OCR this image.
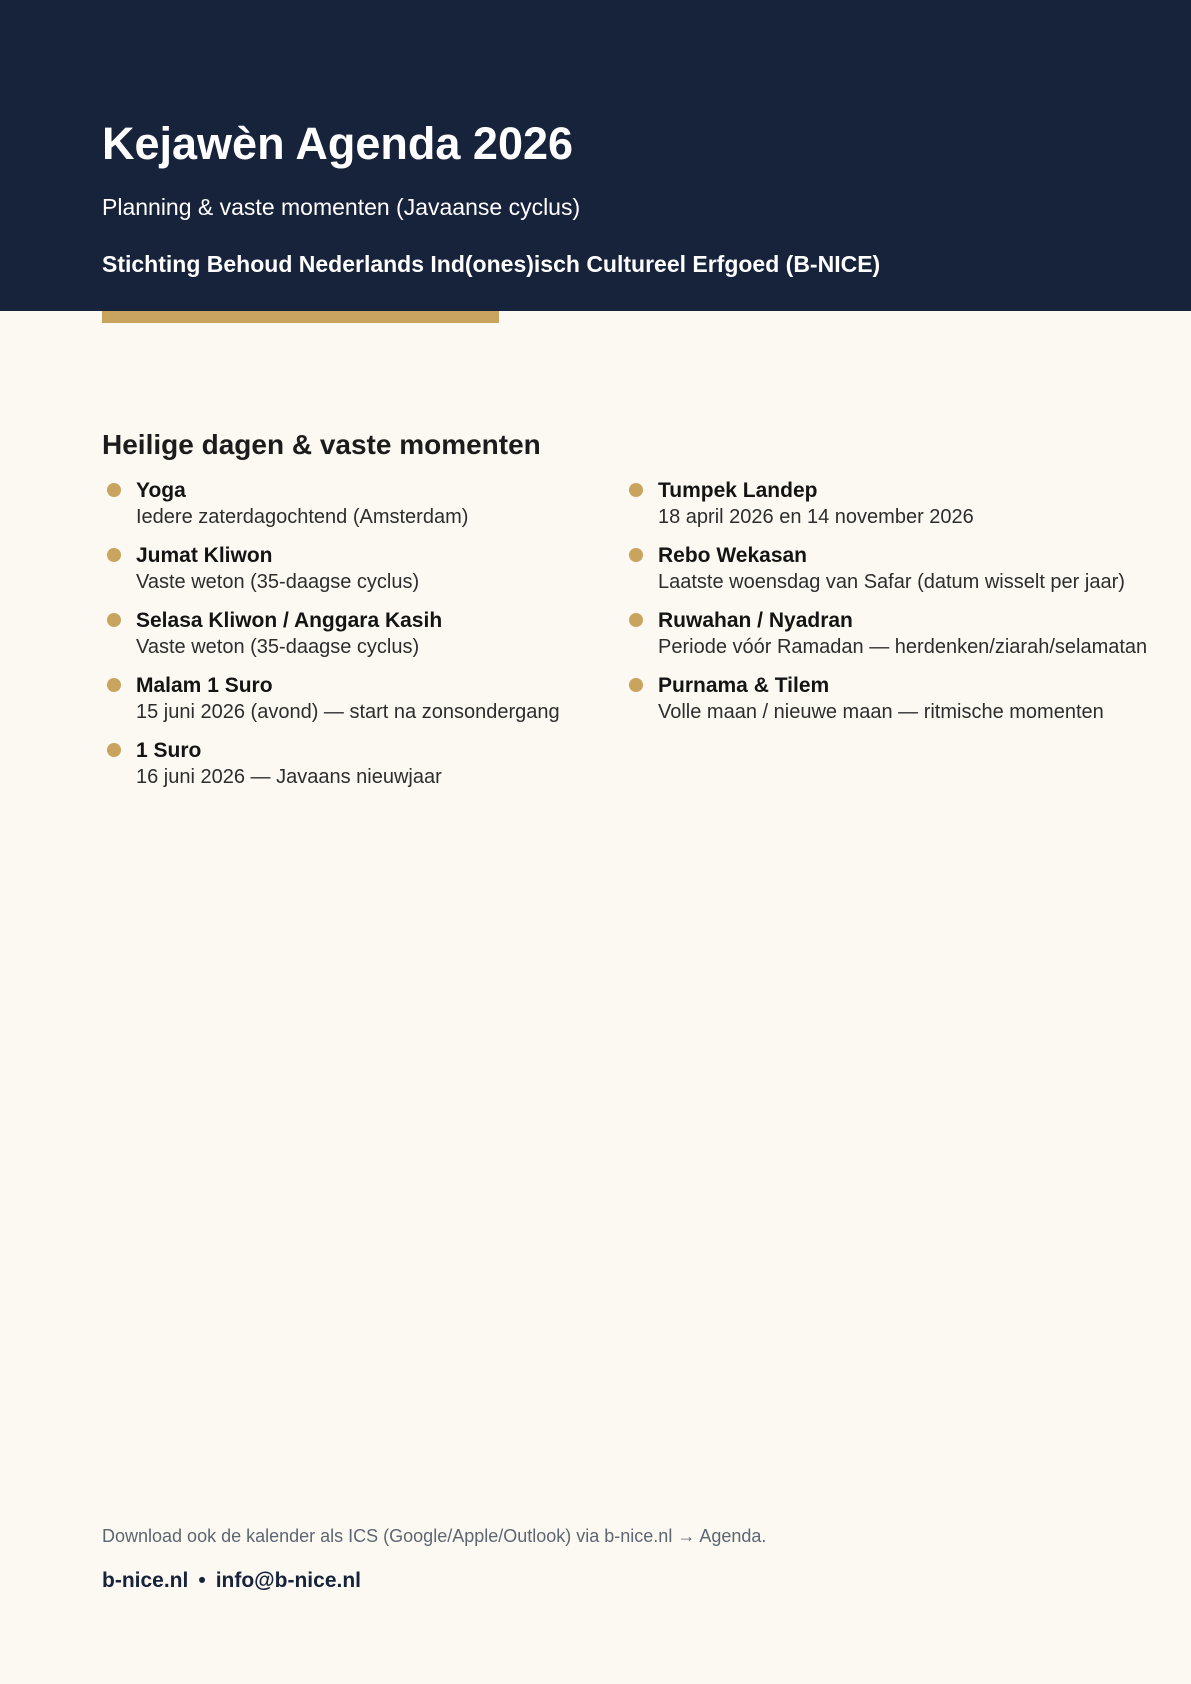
Kejawèn Agenda 2026
Planning & vaste momenten (Javaanse cyclus)
Stichting Behoud Nederlands Ind(ones)isch Cultureel Erfgoed (B-NICE)
Heilige dagen & vaste momenten
Yoga
Iedere zaterdagochtend (Amsterdam)
Jumat Kliwon
Vaste weton (35-daagse cyclus)
Selasa Kliwon / Anggara Kasih
Vaste weton (35-daagse cyclus)
Malam 1 Suro
15 juni 2026 (avond) — start na zonsondergang
1 Suro
16 juni 2026 — Javaans nieuwjaar
Tumpek Landep
18 april 2026 en 14 november 2026
Rebo Wekasan
Laatste woensdag van Safar (datum wisselt per jaar)
Ruwahan / Nyadran
Periode vóór Ramadan — herdenken/ziarah/selamatan
Purnama & Tilem
Volle maan / nieuwe maan — ritmische momenten
Download ook de kalender als ICS (Google/Apple/Outlook) via b-nice.nl → Agenda.
b-nice.nl • info@b-nice.nl
